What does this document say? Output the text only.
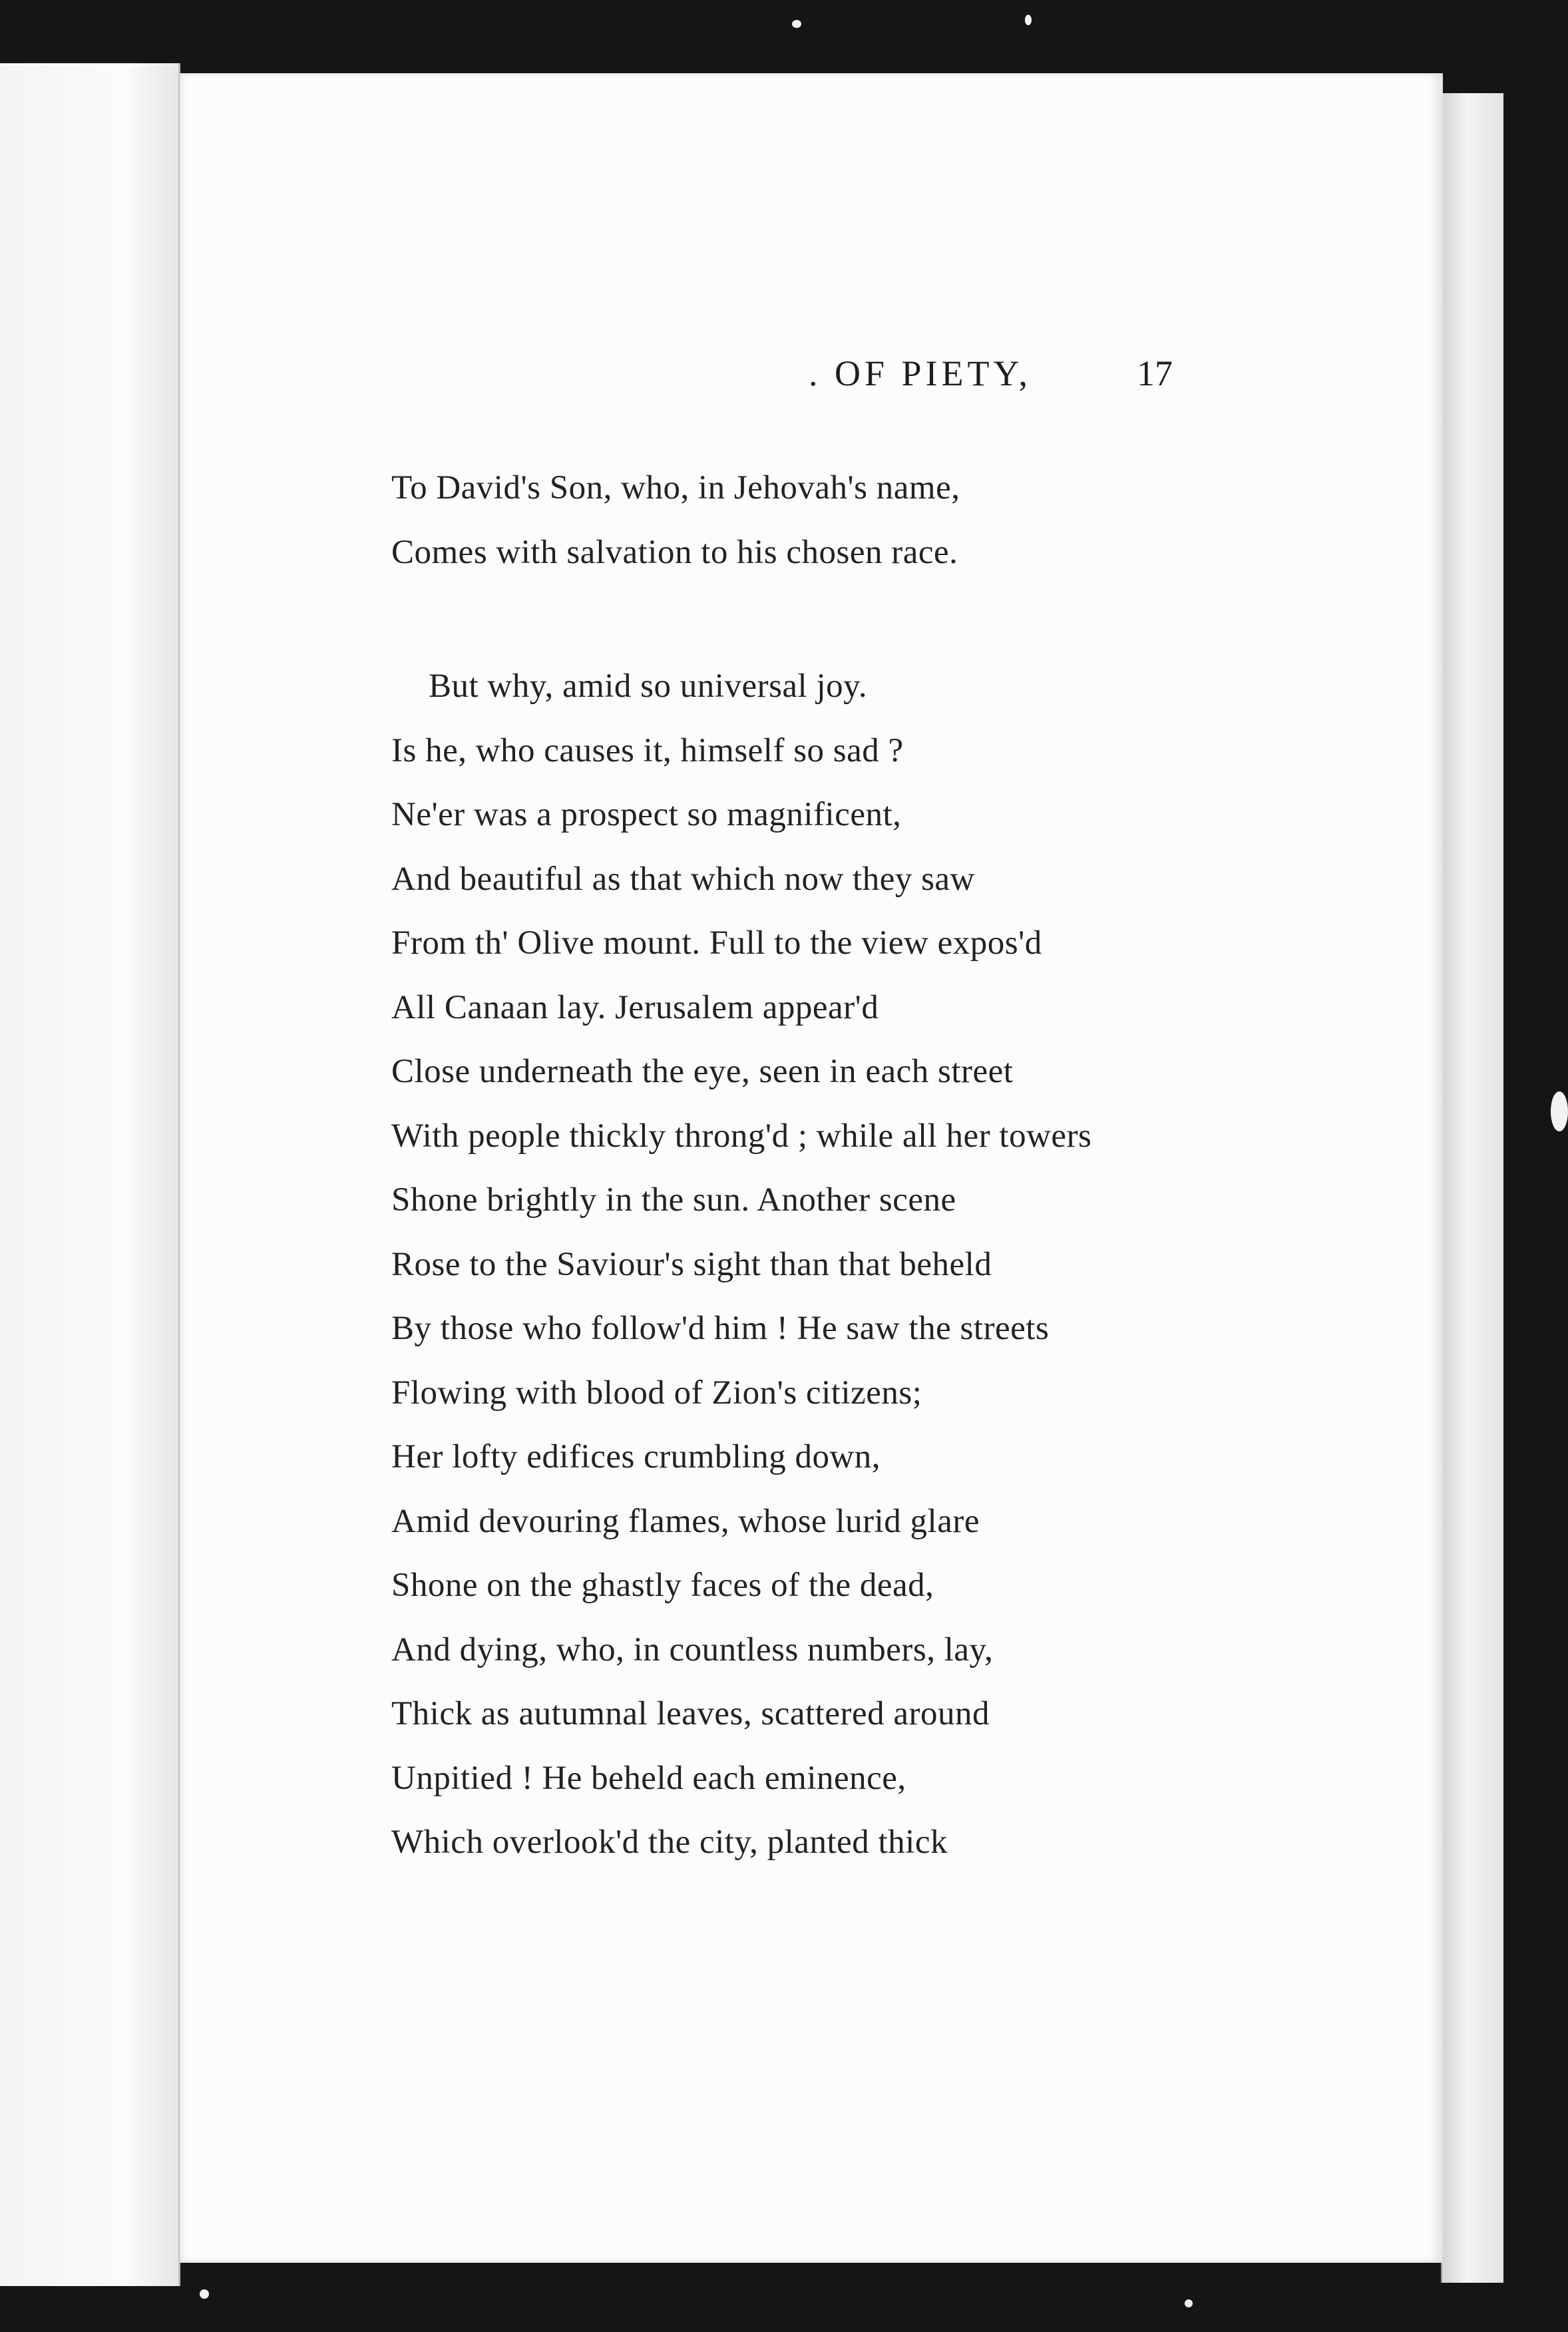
. OF PIETY,	17
To David's Son, who, in Jehovah's name,
Comes with salvation to his chosen race.
But why, amid so universal joy.
Is he, who causes it, himself so sad ?
Ne'er was a prospect so magnificent,
And beautiful as that which now they saw
From th' Olive mount. Full to the view expos'd
All Canaan lay. Jerusalem appear'd
Close underneath the eye, seen in each street
With people thickly throng'd ; while all her towers
Shone brightly in the sun. Another scene
Rose to the Saviour's sight than that beheld
By those who follow'd him ! He saw the streets
Flowing with blood of Zion's citizens;
Her lofty edifices crumbling down,
Amid devouring flames, whose lurid glare
Shone on the ghastly faces of the dead,
And dying, who, in countless numbers, lay,
Thick as autumnal leaves, scattered around
Unpitied ! He beheld each eminence,
Which overlook'd the city, planted thick
